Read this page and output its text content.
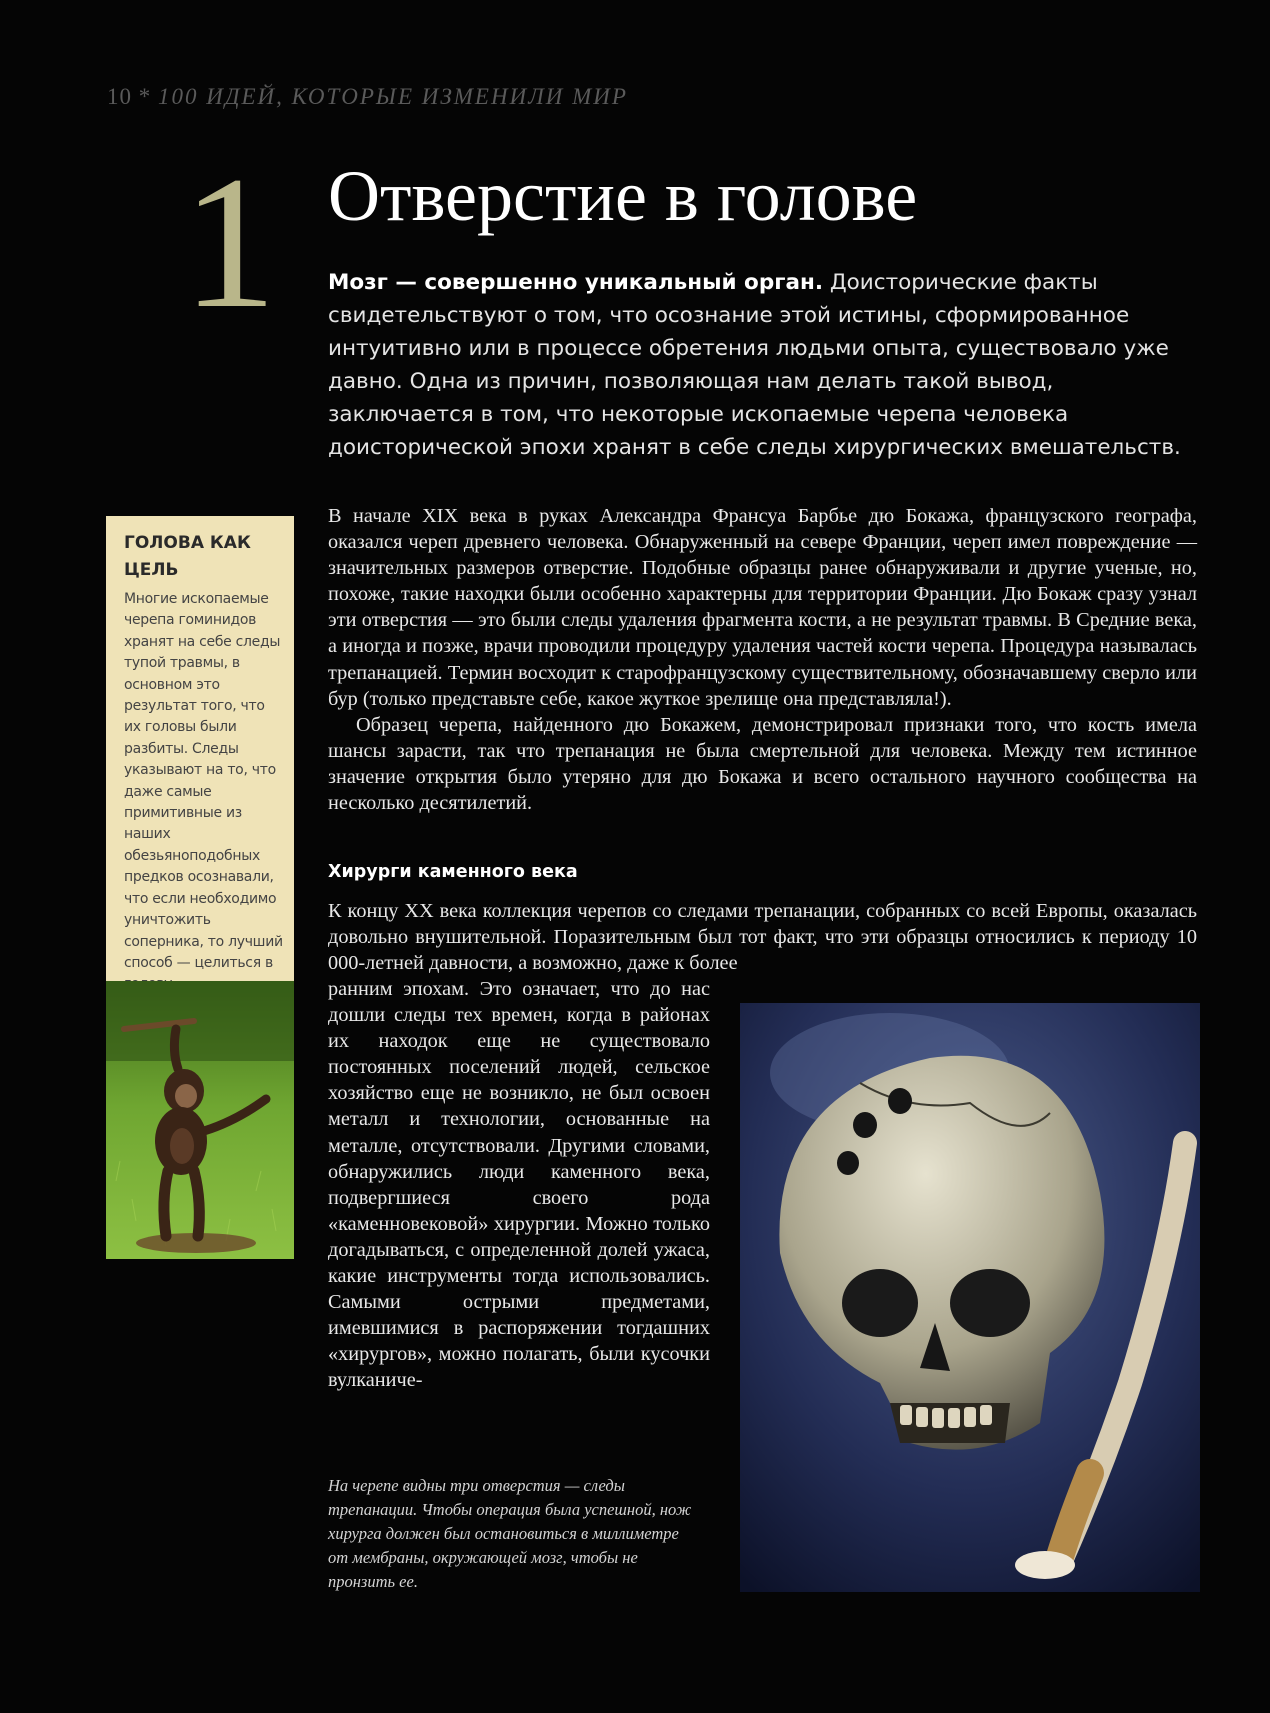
10 * 100 ИДЕЙ, КОТОРЫЕ ИЗМЕНИЛИ МИР
1 Отверстие в голове

Мозг — совершенно уникальный орган. Доисторические факты свидетельствуют о том, что осознание этой истины, сформированное интуитивно или в процессе обретения людьми опыта, существовало уже давно. Одна из причин, позволяющая нам делать такой вывод, заключается в том, что некоторые ископаемые черепа человека доисторической эпохи хранят в себе следы хирургических вмешательств.

ГОЛОВА КАК ЦЕЛЬ

Многие ископаемые черепа гоминидов хранят на себе следы тупой травмы, в основном это результат того, что их головы были разбиты. Следы указывают на то, что даже самые примитивные из наших обезьяноподобных предков осознавали, что если необходимо уничтожить соперника, то лучший способ — целиться в

В начале XIX века в руках Александра Франсуа Барбье дю Бокажа, французского географа, оказался череп древнего человека. Обнаруженный на севере Франции, череп имел повреждение — значительных размеров отверстие. Подобные образцы ранее обнаруживали и другие ученые, но, похоже, такие находки были особенно характерны для территории Франции. Дю Бокаж сразу узнал эти отверстия — это были следы удаления фрагмента кости, а не результат травмы. В Средние века, а иногда и позже, врачи проводили процедуру удаления частей кости черепа. Процедура называлась трепанацией. Термин восходит к старофранцузскому существительному, обозначавшему сверло или бур (только представьте себе, какое жуткое зрелище она представляла!).

Образец черепа, найденного дю Бокажем, демонстрировал признаки того, что кость имела шансы зарасти, так что трепанация не была смертельной для человека. Между тем истинное значение открытия было утеряно для дю Бокажа и всего остального научного сообщества на несколько десятилетий.

Хирурги каменного века

К концу XX века коллекция черепов со следами трепанации, собранных со всей Европы, оказалась довольно внушительной. Поразительным был тот факт, что эти образцы относились к периоду 10 000-летней давности, а возможно, даже к более

ранним эпохам. Это означает, что до нас дошли следы тех времен, когда в районах их находок еще не существовало постоянных поселений людей, сельское хозяйство еще не возникло, не был освоен металл и технологии, основанные на металле, отсутствовали. Другими словами, обнаружились люди каменного века, подвергшиеся своего рода «каменновековой» хирургии. Можно только догадываться, с определенной долей ужаса, какие инструменты тогда использовались. Самыми острыми предметами, имевшимися в распоряжении тогдашних «хирургов», можно полагать, были кусочки вулканиче-

На черепе видны три отверстия — следы трепанации. Чтобы операция была успешной, нож хирурга должен был остановиться в миллиметре от мембраны, окружающей мозг, чтобы не пронзить ее.
